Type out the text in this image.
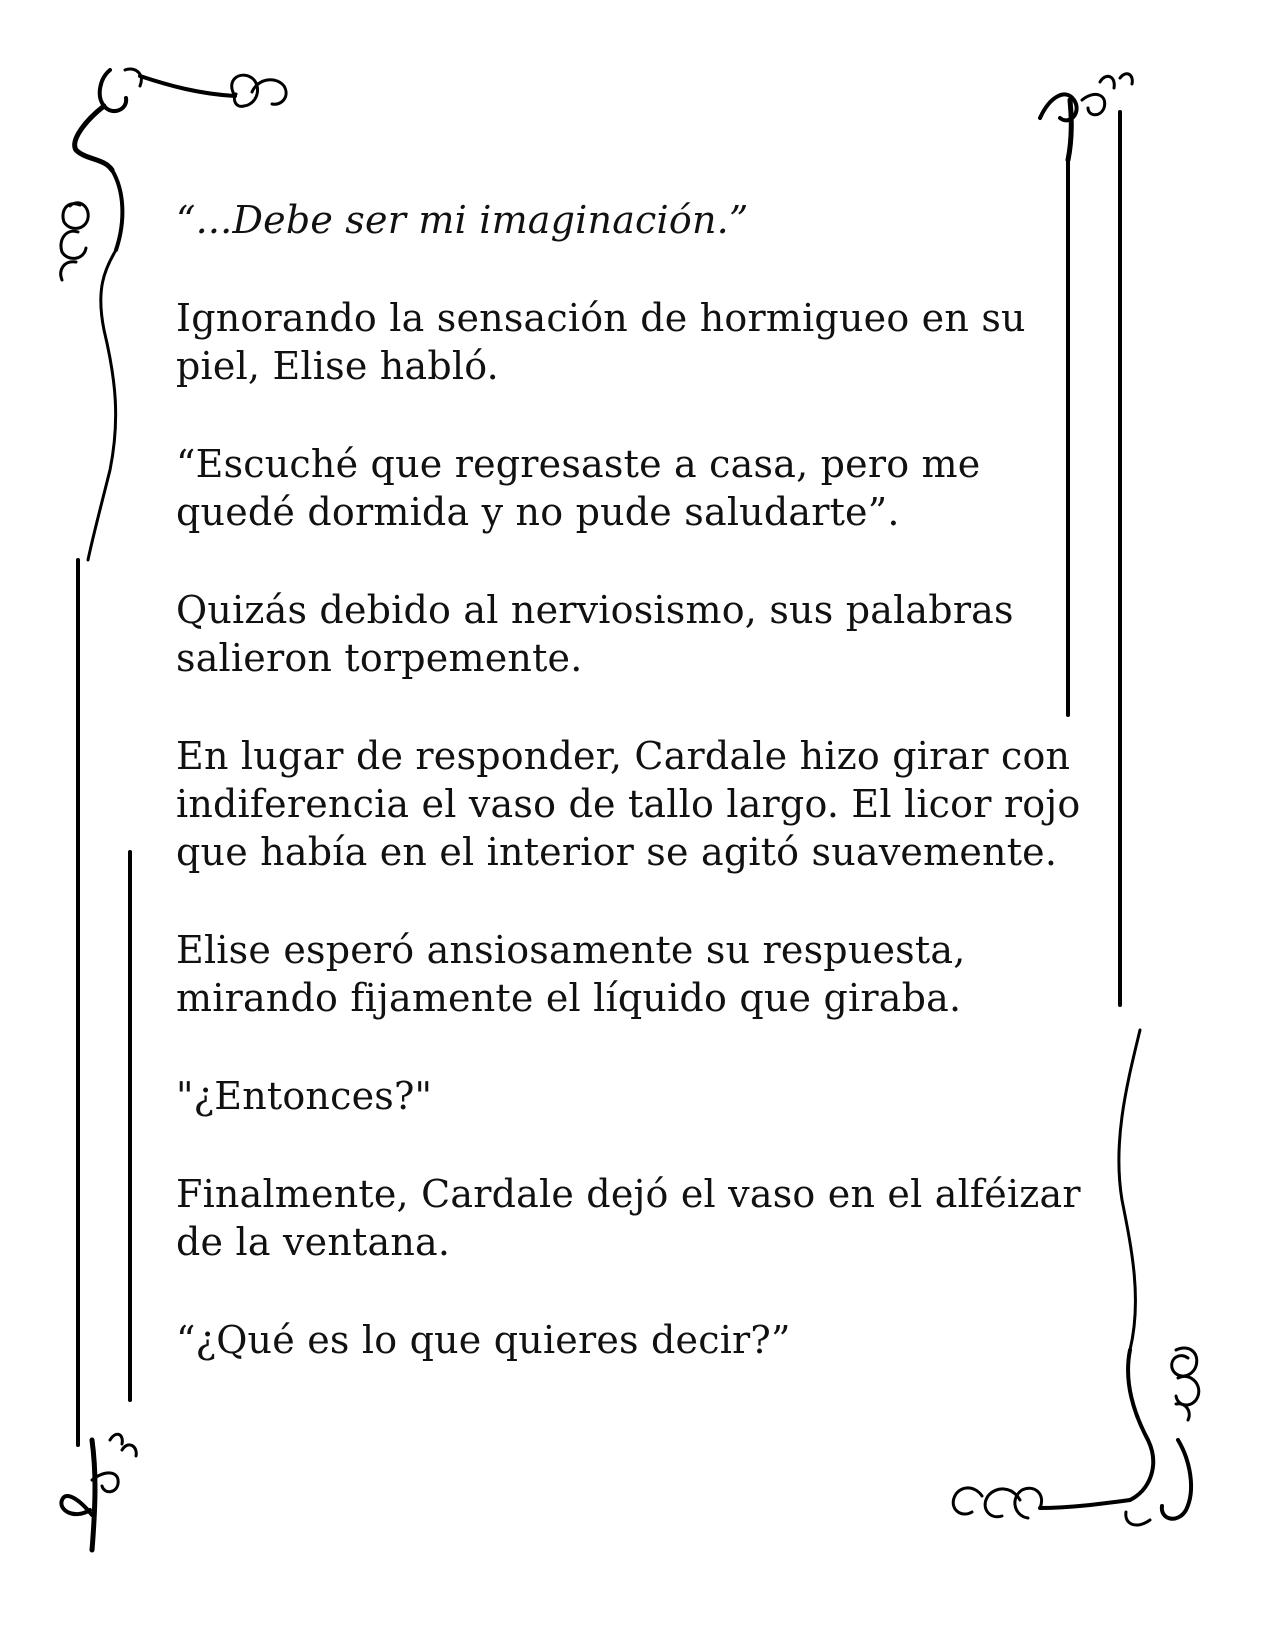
“...Debe ser mi imaginación.”

Ignorando la sensación de hormigueo en su piel, Elise habló.

“Escuché que regresaste a casa, pero me quedé dormida y no pude saludarte”.

Quizás debido al nerviosismo, sus palabras salieron torpemente.

En lugar de responder, Cardale hizo girar con indiferencia el vaso de tallo largo. El licor rojo que había en el interior se agitó suavemente.

Elise esperó ansiosamente su respuesta, mirando fijamente el líquido que giraba.

"¿Entonces?"

Finalmente, Cardale dejó el vaso en el alféizar de la ventana.

“¿Qué es lo que quieres decir?”
